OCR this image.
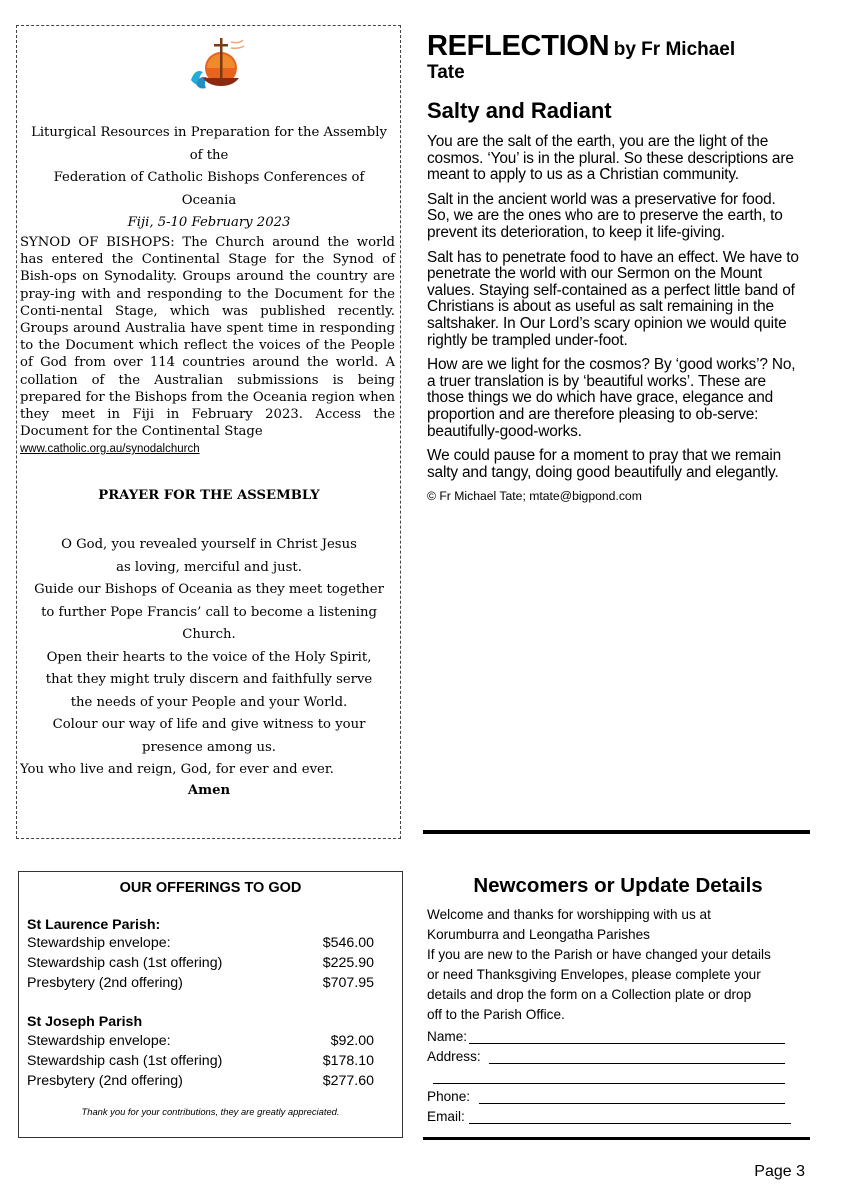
Liturgical Resources in Preparation for the Assembly
of the
Federation of Catholic Bishops Conferences of
Oceania
Fiji, 5-10 February 2023
SYNOD OF BISHOPS: The Church around the world has entered the Continental Stage for the Synod of Bish-ops on Synodality. Groups around the country are pray-ing with and responding to the Document for the Conti-nental Stage, which was published recently. Groups around Australia have spent time in responding to the Document which reflect the voices of the People of God from over 114 countries around the world. A collation of the Australian submissions is being prepared for the Bishops from the Oceania region when they meet in Fiji in February 2023. Access the Document for the Continental Stage
www.catholic.org.au/synodalchurch
PRAYER FOR THE ASSEMBLY
O God, you revealed yourself in Christ Jesus
as loving, merciful and just.
Guide our Bishops of Oceania as they meet together
to further Pope Francis’ call to become a listening
Church.
Open their hearts to the voice of the Holy Spirit,
that they might truly discern and faithfully serve
the needs of your People and your World.
Colour our way of life and give witness to your
presence among us.
You who live and reign, God, for ever and ever.
Amen
REFLECTION by Fr Michael
Tate
Salty and Radiant

You are the salt of the earth, you are the light of the cosmos. ‘You’ is in the plural. So these descriptions are meant to apply to us as a Christian community.

Salt in the ancient world was a preservative for food. So, we are the ones who are to preserve the earth, to prevent its deterioration, to keep it life-giving.

Salt has to penetrate food to have an effect. We have to penetrate the world with our Sermon on the Mount values. Staying self-contained as a perfect little band of Christians is about as useful as salt remaining in the saltshaker. In Our Lord’s scary opinion we would quite rightly be trampled under-foot.

How are we light for the cosmos? By ‘good works’? No, a truer translation is by ‘beautiful works’. These are those things we do which have grace, elegance and proportion and are therefore pleasing to ob-serve: beautifully-good-works.

We could pause for a moment to pray that we remain salty and tangy, doing good beautifully and elegantly.

© Fr Michael Tate; mtate@bigpond.com
OUR OFFERINGS TO GOD
St Laurence Parish:
Stewardship envelope:	$546.00
Stewardship cash (1st offering)	$225.90
Presbytery (2nd offering)	$707.95
St Joseph Parish
Stewardship envelope:	$92.00
Stewardship cash (1st offering)	$178.10
Presbytery (2nd offering)	$277.60
Thank you for your contributions, they are greatly appreciated.
Newcomers or Update Details
Welcome and thanks for worshipping with us at
Korumburra and Leongatha Parishes
If you are new to the Parish or have changed your details
or need Thanksgiving Envelopes, please complete your
details and drop the form on a Collection plate or drop
off to the Parish Office.
Name:
Address:
Phone:
Email:
Page 3
